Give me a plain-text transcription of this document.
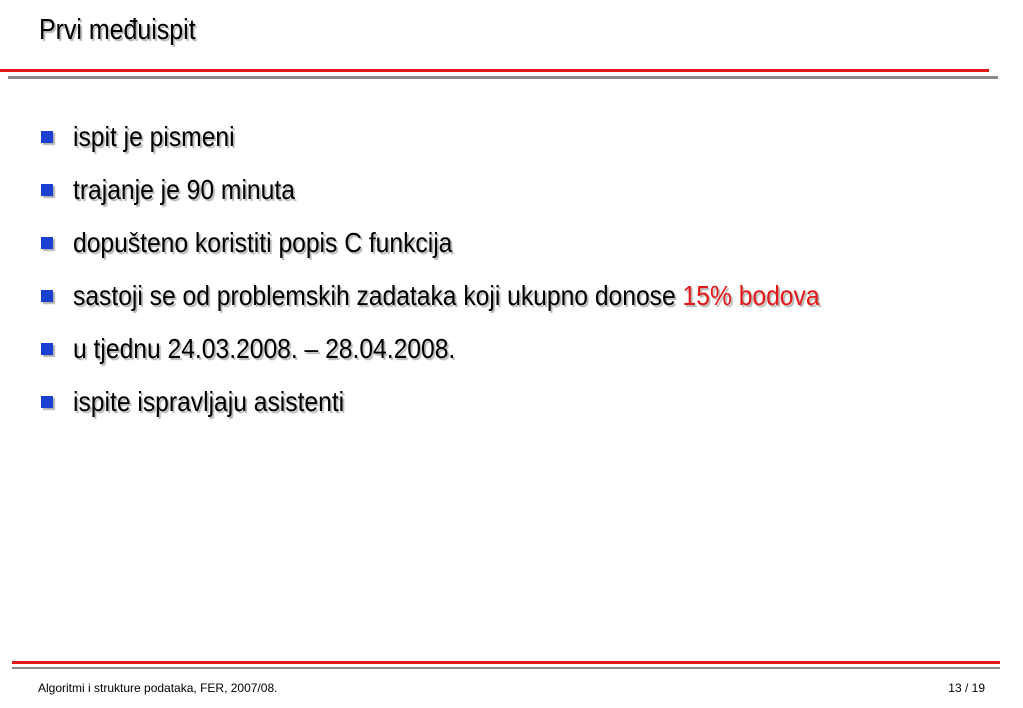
Prvi međuispit
ispit je pismeni
trajanje je 90 minuta
dopušteno koristiti popis C funkcija
sastoji se od problemskih zadataka koji ukupno donose 15% bodova
u tjednu 24.03.2008. – 28.04.2008.
ispite ispravljaju asistenti
Algoritmi i strukture podataka, FER, 2007/08.	13 / 19
